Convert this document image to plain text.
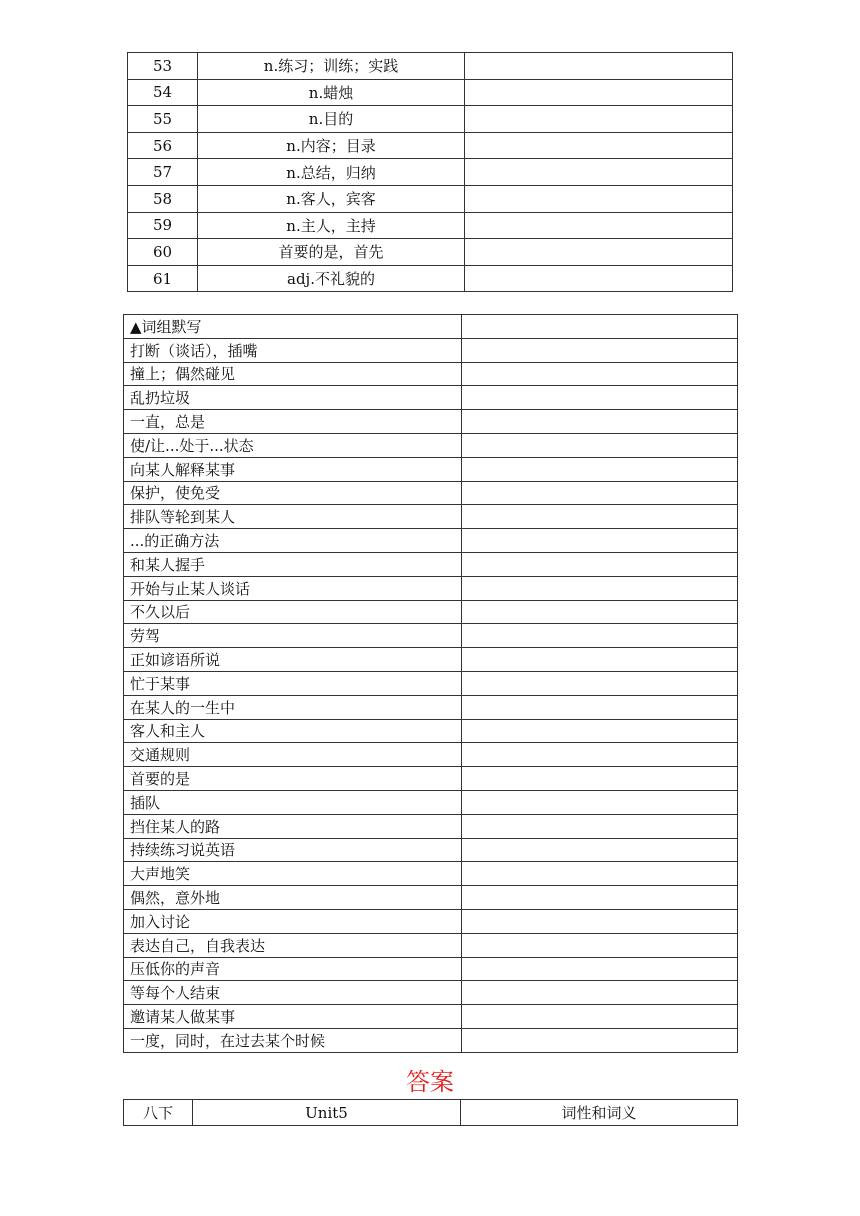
53	n.练习；训练；实践	
54	n.蜡烛	
55	n.目的	
56	n.内容；目录	
57	n.总结，归纳	
58	n.客人，宾客	
59	n.主人，主持	
60	首要的是，首先	
61	adj.不礼貌的	
▲词组默写	
打断（谈话），插嘴	
撞上；偶然碰见	
乱扔垃圾	
一直，总是	
使/让...处于...状态	
向某人解释某事	
保护，使免受	
排队等轮到某人	
...的正确方法	
和某人握手	
开始与止某人谈话	
不久以后	
劳驾	
正如谚语所说	
忙于某事	
在某人的一生中	
客人和主人	
交通规则	
首要的是	
插队	
挡住某人的路	
持续练习说英语	
大声地笑	
偶然，意外地	
加入讨论	
表达自己，自我表达	
压低你的声音	
等每个人结束	
邀请某人做某事	
一度，同时，在过去某个时候	
答案
八下	Unit5	词性和词义
